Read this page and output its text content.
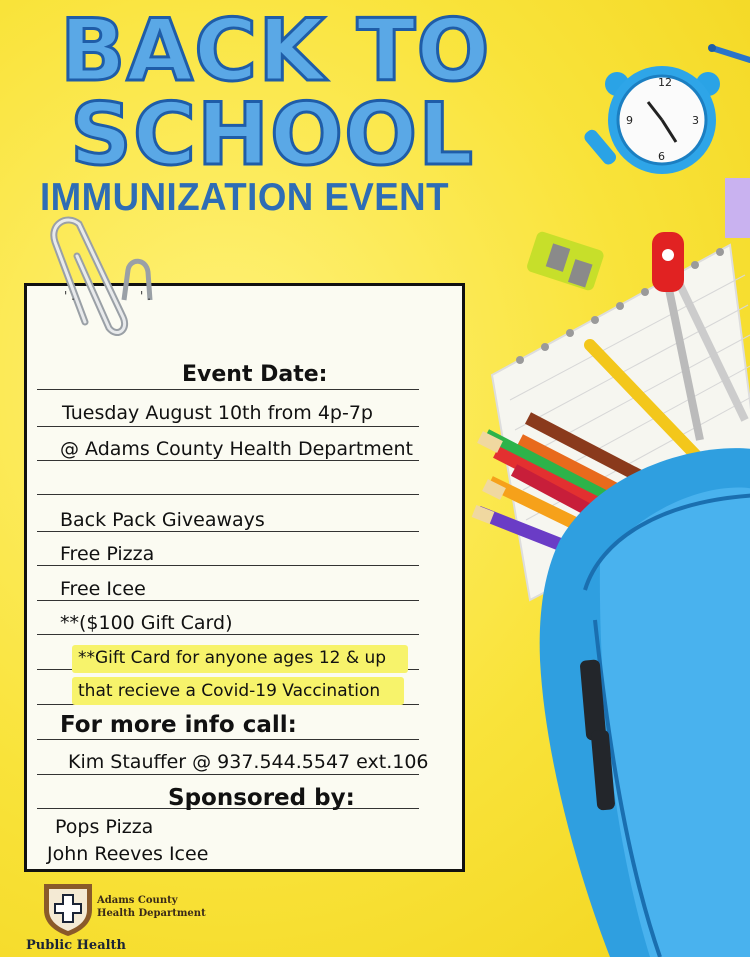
12
3
6
9
BACK TO
SCHOOL
IMMUNIZATION EVENT
' .	' .
Event Date:
Tuesday August 10th from 4p-7p
@ Adams County Health Department
Back Pack Giveaways
Free Pizza
Free Icee
**($100 Gift Card)
**Gift Card for anyone ages 12 & up
that recieve a Covid-19 Vaccination
For more info call:
Kim Stauffer @ 937.544.5547 ext.106
Sponsored by:
Pops Pizza
John Reeves Icee
Adams County
Health Department
Public Health
